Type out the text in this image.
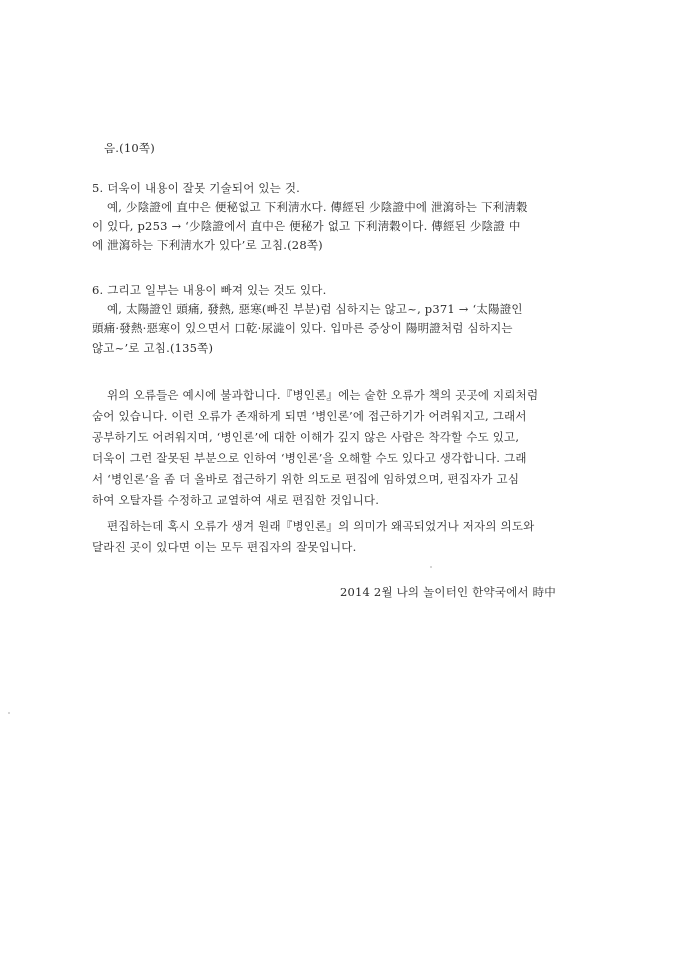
음.(10쪽)
5. 더욱이 내용이 잘못 기술되어 있는 것.
예, 少陰證에 直中은 便秘없고 下利淸水다. 傳經된 少陰證中에 泄瀉하는 下利淸穀
이 있다, p253 → ‘少陰證에서 直中은 便秘가 없고 下利淸穀이다. 傳經된 少陰證 中
에 泄瀉하는 下利淸水가 있다’로 고침.(28쪽)
6. 그리고 일부는 내용이 빠져 있는 것도 있다.
예, 太陽證인 頭痛, 發熱, 惡寒(빠진 부분)럼 심하지는 않고~, p371 → ‘太陽證인
頭痛·發熱·惡寒이 있으면서 口乾·尿澁이 있다. 입마른 증상이 陽明證처럼 심하지는
않고~’로 고침.(135쪽)
위의 오류들은 예시에 불과합니다.『병인론』에는 숱한 오류가 책의 곳곳에 지뢰처럼
숨어 있습니다. 이런 오류가 존재하게 되면 ‘병인론’에 접근하기가 어려워지고, 그래서
공부하기도 어려워지며, ‘병인론’에 대한 이해가 깊지 않은 사람은 착각할 수도 있고,
더욱이 그런 잘못된 부분으로 인하여 ‘병인론’을 오해할 수도 있다고 생각합니다. 그래
서 ‘병인론’을 좀 더 올바로 접근하기 위한 의도로 편집에 임하였으며, 편집자가 고심
하여 오탈자를 수정하고 교열하여 새로 편집한 것입니다.
편집하는데 혹시 오류가 생겨 원래『병인론』의 의미가 왜곡되었거나 저자의 의도와
달라진 곳이 있다면 이는 모두 편집자의 잘못입니다.
2014 2월 나의 놀이터인 한약국에서 時中
